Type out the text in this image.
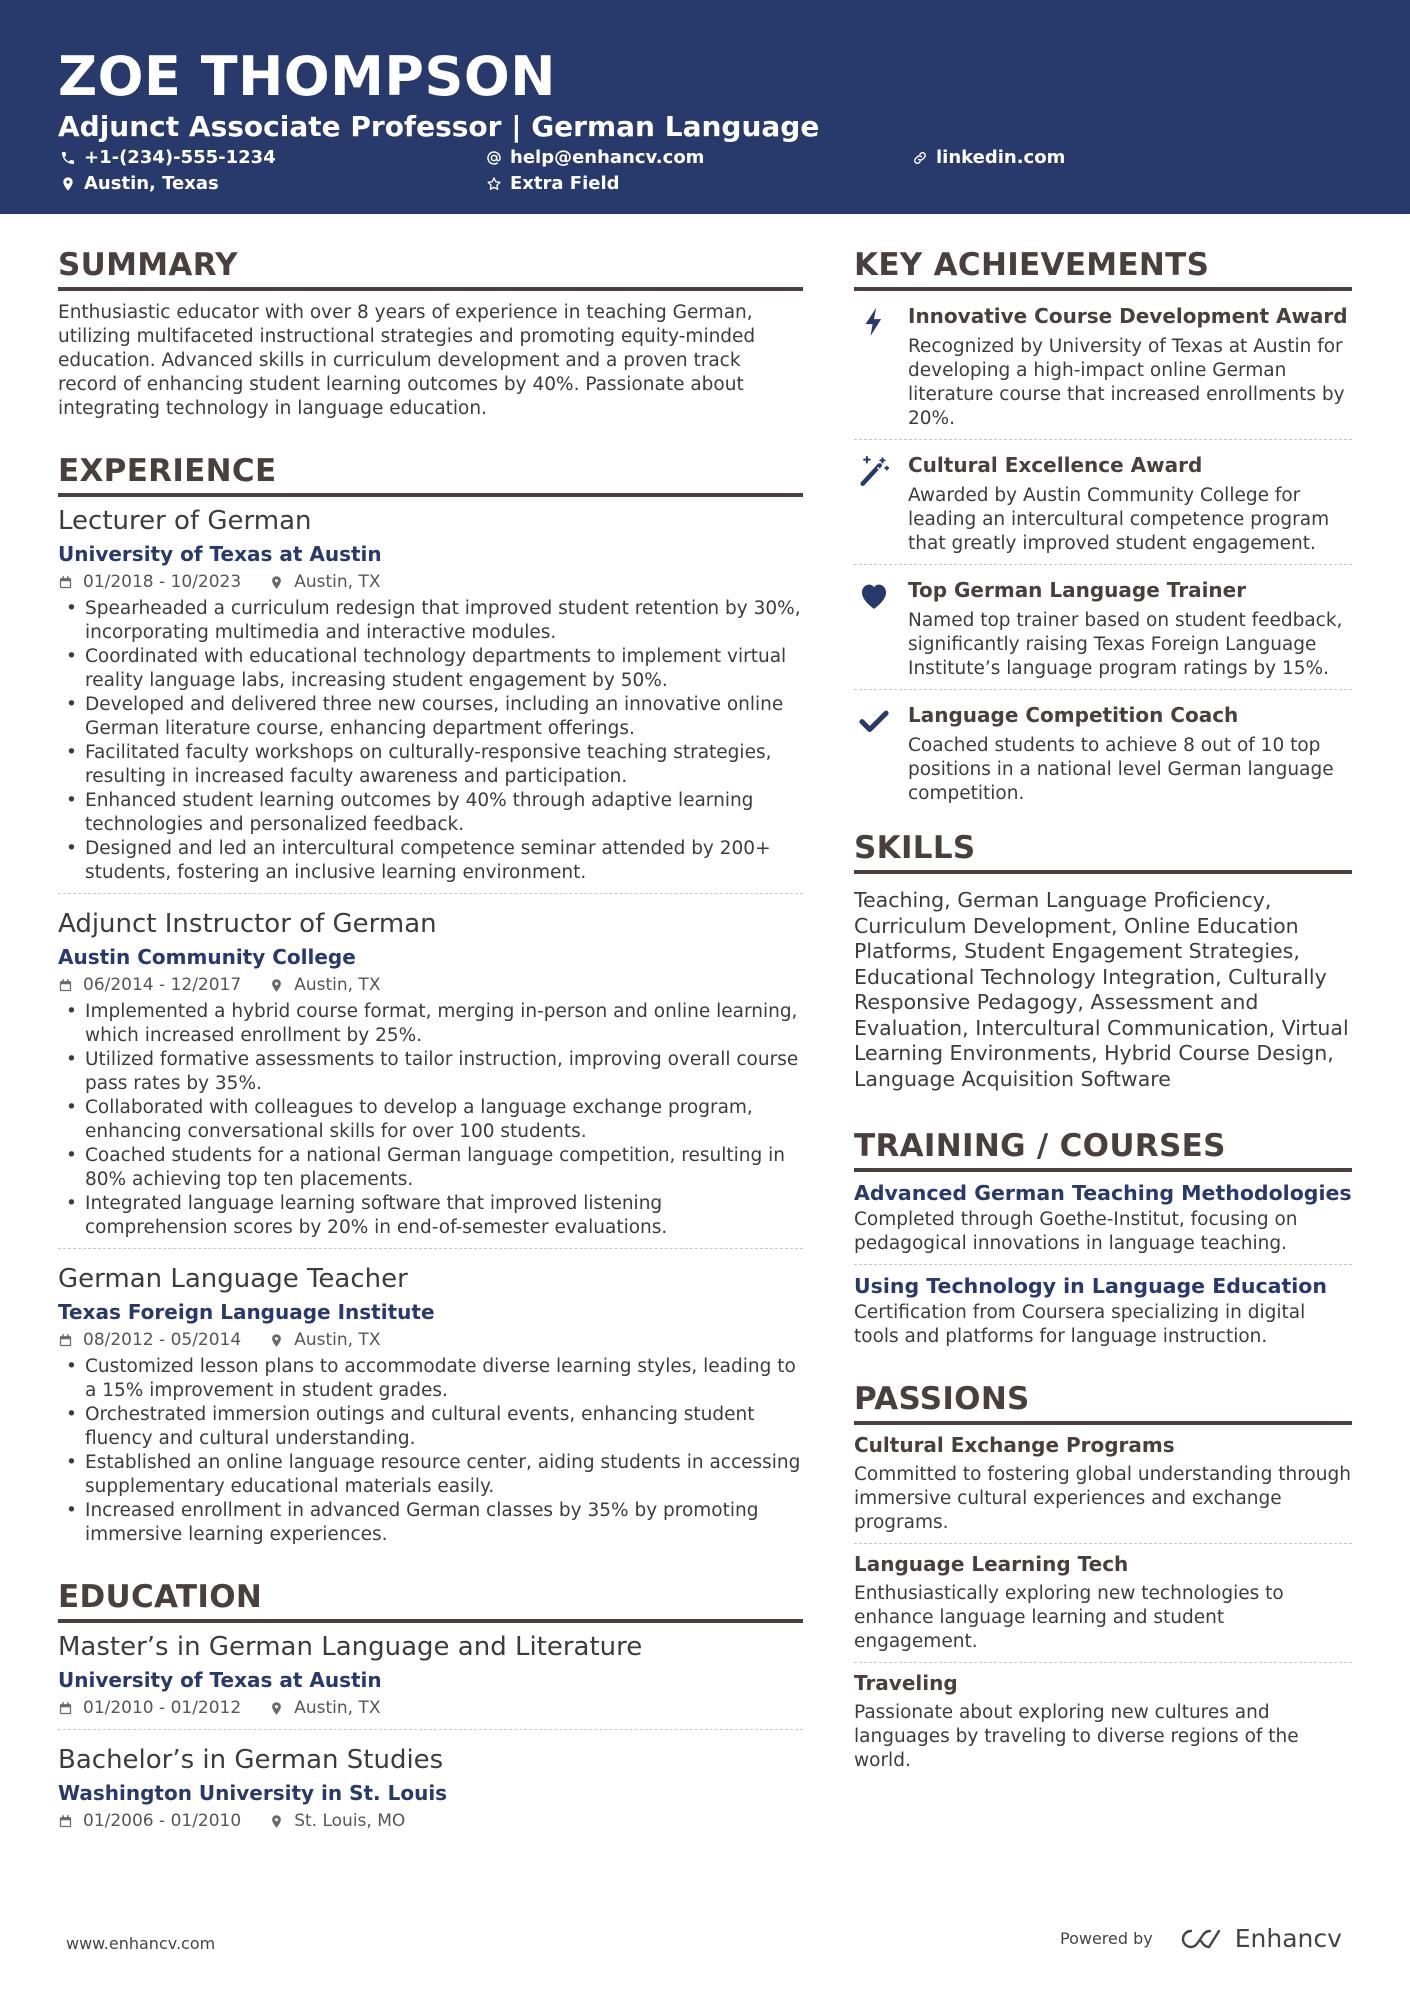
ZOE THOMPSON
Adjunct Associate Professor | German Language
+1-(234)-555-1234	help@enhancv.com	linkedin.com
Austin, Texas	Extra Field
SUMMARY
Enthusiastic educator with over 8 years of experience in teaching German, utilizing multifaceted instructional strategies and promoting equity-minded education. Advanced skills in curriculum development and a proven track record of enhancing student learning outcomes by 40%. Passionate about integrating technology in language education.
EXPERIENCE
Lecturer of German
University of Texas at Austin
01/2018 - 10/2023	Austin, TX
• Spearheaded a curriculum redesign that improved student retention by 30%, incorporating multimedia and interactive modules.
• Coordinated with educational technology departments to implement virtual reality language labs, increasing student engagement by 50%.
• Developed and delivered three new courses, including an innovative online German literature course, enhancing department offerings.
• Facilitated faculty workshops on culturally-responsive teaching strategies, resulting in increased faculty awareness and participation.
• Enhanced student learning outcomes by 40% through adaptive learning technologies and personalized feedback.
• Designed and led an intercultural competence seminar attended by 200+ students, fostering an inclusive learning environment.
Adjunct Instructor of German
Austin Community College
06/2014 - 12/2017	Austin, TX
• Implemented a hybrid course format, merging in-person and online learning, which increased enrollment by 25%.
• Utilized formative assessments to tailor instruction, improving overall course pass rates by 35%.
• Collaborated with colleagues to develop a language exchange program, enhancing conversational skills for over 100 students.
• Coached students for a national German language competition, resulting in 80% achieving top ten placements.
• Integrated language learning software that improved listening comprehension scores by 20% in end-of-semester evaluations.
German Language Teacher
Texas Foreign Language Institute
08/2012 - 05/2014	Austin, TX
• Customized lesson plans to accommodate diverse learning styles, leading to a 15% improvement in student grades.
• Orchestrated immersion outings and cultural events, enhancing student fluency and cultural understanding.
• Established an online language resource center, aiding students in accessing supplementary educational materials easily.
• Increased enrollment in advanced German classes by 35% by promoting immersive learning experiences.
EDUCATION
Master’s in German Language and Literature
University of Texas at Austin
01/2010 - 01/2012	Austin, TX
Bachelor’s in German Studies
Washington University in St. Louis
01/2006 - 01/2010	St. Louis, MO
KEY ACHIEVEMENTS
Innovative Course Development Award
Recognized by University of Texas at Austin for developing a high-impact online German literature course that increased enrollments by 20%.
Cultural Excellence Award
Awarded by Austin Community College for leading an intercultural competence program that greatly improved student engagement.
Top German Language Trainer
Named top trainer based on student feedback, significantly raising Texas Foreign Language Institute’s language program ratings by 15%.
Language Competition Coach
Coached students to achieve 8 out of 10 top positions in a national level German language competition.
SKILLS
Teaching, German Language Proficiency, Curriculum Development, Online Education Platforms, Student Engagement Strategies, Educational Technology Integration, Culturally Responsive Pedagogy, Assessment and Evaluation, Intercultural Communication, Virtual Learning Environments, Hybrid Course Design, Language Acquisition Software
TRAINING / COURSES
Advanced German Teaching Methodologies
Completed through Goethe-Institut, focusing on pedagogical innovations in language teaching.
Using Technology in Language Education
Certification from Coursera specializing in digital tools and platforms for language instruction.
PASSIONS
Cultural Exchange Programs
Committed to fostering global understanding through immersive cultural experiences and exchange programs.
Language Learning Tech
Enthusiastically exploring new technologies to enhance language learning and student engagement.
Traveling
Passionate about exploring new cultures and languages by traveling to diverse regions of the world.
www.enhancv.com	Powered by	Enhancv
